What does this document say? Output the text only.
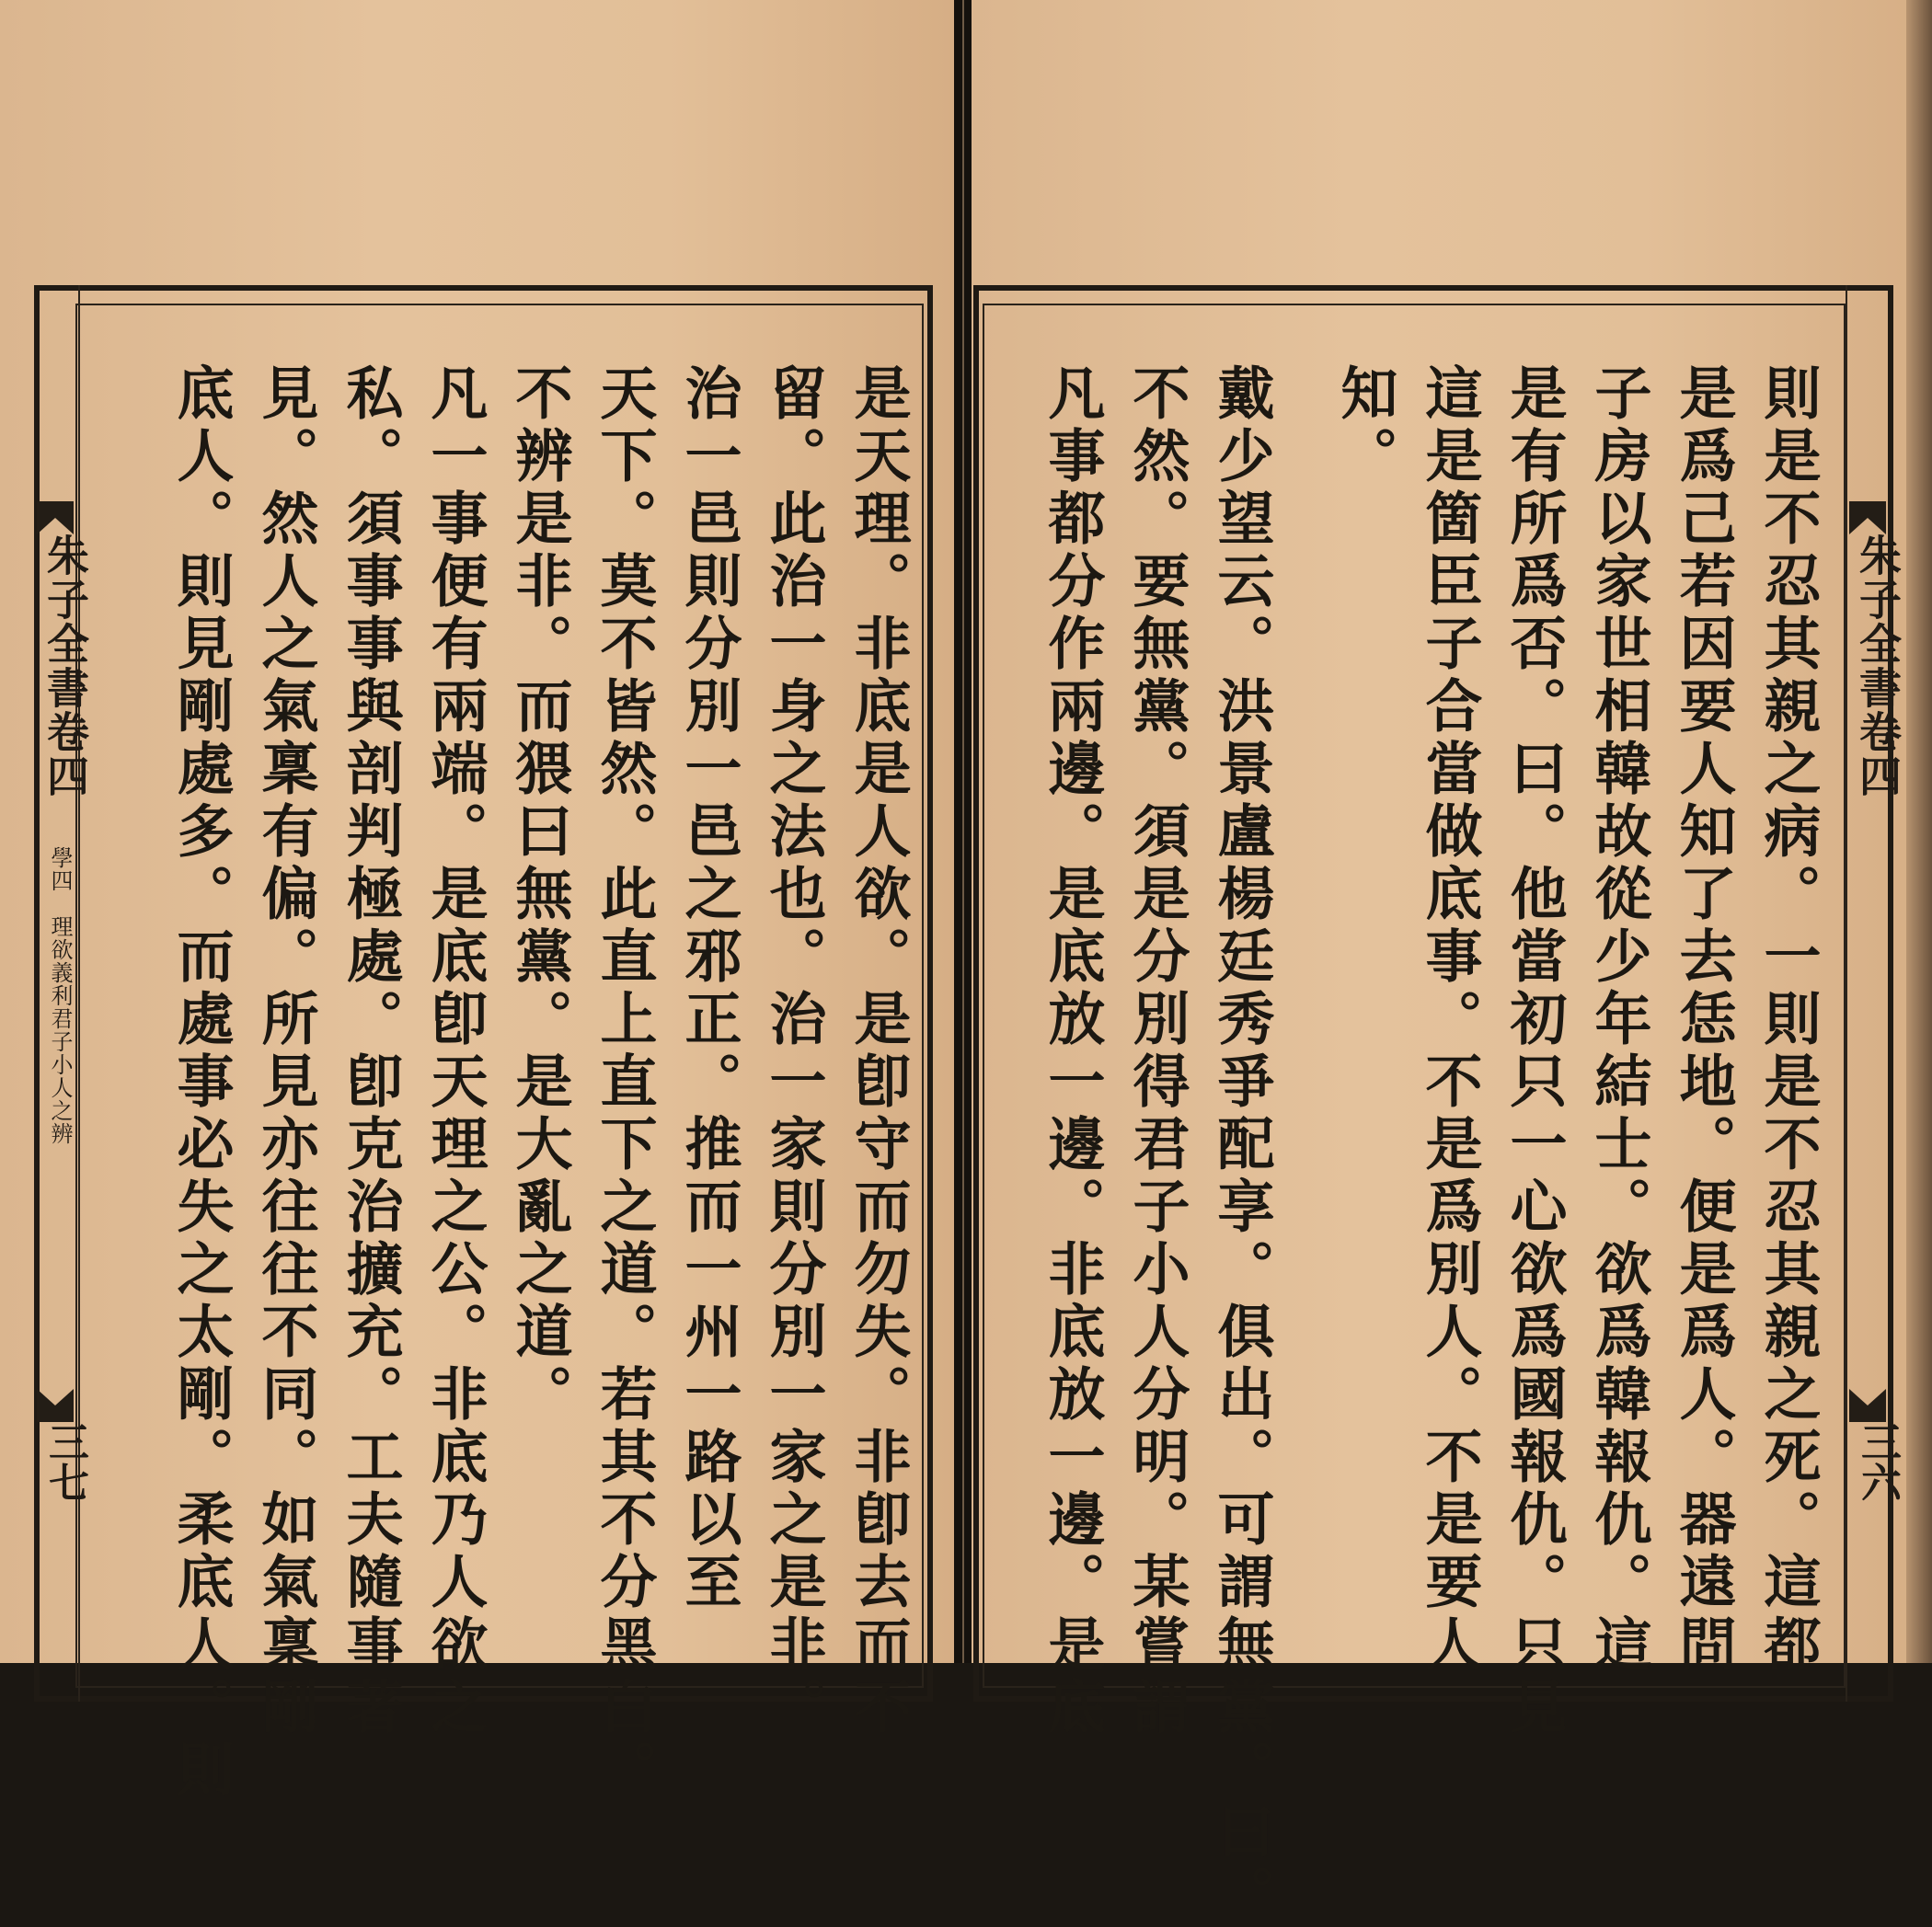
朱子全書卷四
學四　理欲義利君子小人之辨
三七	是天理。非底是人欲。是卽守而勿失。非卽去而不
留。此治一身之法也。治一家則分別一家之是非。
治一邑則分別一邑之邪正。推而一州一路以至
天下。莫不皆然。此直上直下之道。若其不分黑白。
不辨是非。而猥曰無黨。是大亂之道。
凡一事便有兩端。是底卽天理之公。非底乃人欲之
私。須事事與剖判極處。卽克治擴充。工夫隨事著
見。然人之氣稟有偏。所見亦往往不同。如氣稟剛
底人。則見剛處多。而處事必失之太剛。柔底人。則	朱子全書卷四
三六
則是不忍其親之病。一則是不忍其親之死。這都
是爲己若因要人知了去恁地。便是爲人。器遠問
子房以家世相韓故從少年結士。欲爲韓報仇。這
是有所爲否。曰。他當初只一心欲爲國報仇。只見
這是箇臣子合當做底事。不是爲別人。不是要人
知。
戴少望云。洪景盧楊廷秀爭配享。俱出。可謂無黨。曰。
不然。要無黨。須是分別得君子小人分明。某嘗謂
凡事都分作兩邊。是底放一邊。非底放一邊。是底
